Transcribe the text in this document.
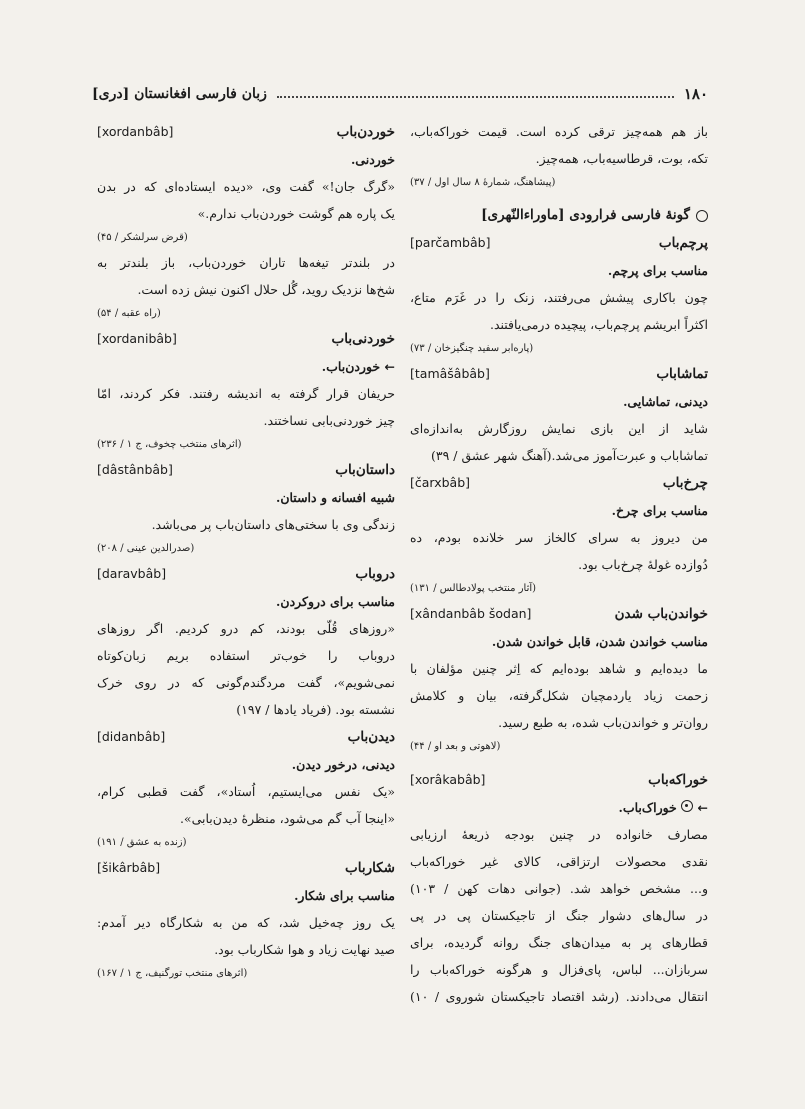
۱۸۰
زبان فارسی افغانستان [دری]
باز هم همه‌چیز ترقی کرده است. قیمت خوراکه‌باب،
تکه، بوت، قرطاسیه‌باب، همه‌چیز.
(پیشاهنگ، شمارهٔ ۸ سال اول / ۳۷)
گونهٔ فارسی فرارودی [ماوراءالنّهری]
پرچم‌باب
[parčambâb]
مناسب برای پرچم.
چون باکاری پیشش می‌رفتند، زنک را در غَرَم متاع،
اکثراً ابریشم پرچم‌باب، پیچیده درمی‌یافتند.
(پاره‌ابر سفید چنگیزخان / ۷۳)
تماشاباب
[tamâšâbâb]
دیدنی، تماشایی.
شاید از این بازی نمایش روزگارش به‌اندازه‌ای
تماشاباب و عبرت‌آموز می‌شد.(آهنگ شهر عشق / ۳۹)
چرخ‌باب
[čarxbâb]
مناسب برای چرخ.
من دیروز به سرای کالخاز سر خلانده بودم، ده
دُوازده غولهٔ چرخ‌باب بود.
(آثار منتخب پولادطالس / ۱۳۱)
خواندن‌باب شدن
[xândanbâb šodan]
مناسب خواندن شدن، قابل خواندن شدن.
ما دیده‌ایم و شاهد بوده‌ایم که اِثر چنین مؤلفان با
زحمت زیاد یاردمچیان شکل‌گرفته، بیان و کلامش
روان‌تر و خواندن‌باب شده، به طبع رسید.
(لاهوتی و بعد او / ۴۴)
خوراکه‌باب
[xorâkabâb]
←  خوراک‌باب.
مصارف خانواده در چنین بودجه ذریعهٔ ارزیابی
نقدی محصولات ارتزاقی، کالای غیر خوراکه‌باب
و... مشخص خواهد شد. (جوانی دهات کهن / ۱۰۳)
در سال‌های دشوار جنگ از تاجیکستان پی در پی
قطارهای پر به میدان‌های جنگ روانه گردیده، برای
سربازان... لباس، پای‌فزال و هرگونه خوراکه‌باب را
انتقال می‌دادند. (رشد اقتصاد تاجیکستان شوروی / ۱۰)
خوردن‌باب
[xordanbâb]
خوردنی.
«گرگ جان!» گفت وی، «دیده ایستاده‌ای که در بدن
یک پاره هم گوشت خوردن‌باب ندارم.»
(قرض سرلشکر / ۴۵)
در بلندتر تیغه‌ها تاران خوردن‌باب، باز بلندتر به
شخ‌ها نزدیک روید، گُل حلال اکنون نیش زده است.
(راه عقبه / ۵۴)
خوردنی‌باب
[xordanibâb]
← خوردن‌باب.
حریفان قرار گرفته به اندیشه رفتند. فکر کردند، امّا
چیز خوردنی‌بابی نساختند.
(اثرهای منتخب چخوف، ج ۱ / ۲۳۶)
داستان‌باب
[dâstânbâb]
شبیه افسانه و داستان.
زندگی وی با سختی‌های داستان‌باب پر می‌باشد.
(صدرالدین عینی / ۲۰۸)
درو‌باب
[daravbâb]
مناسب برای درو‌کردن.
«روزهای قُلّی بودند، کم درو کردیم. اگر روزهای
درو‌باب را خوب‌تر استفاده بریم زبان‌کوتاه
نمی‌شویم»، گفت مردگندم‌گونی که در روی خرک
نشسته بود. (فریاد یادها / ۱۹۷)
دیدن‌باب
[didanbâb]
دیدنی، درخور دیدن.
«یک نفس می‌ایستیم، اُستاد»، گفت قطبی کرام،
«اینجا آب گم می‌شود، منظرهٔ دیدن‌بابی».
(زنده به عشق / ۱۹۱)
شکارباب
[šikârbâb]
مناسب برای شکار.
یک روز چه‌خیل شد، که من به شکارگاه دیر آمدم:
صید نهایت زیاد و هوا شکارباب بود.
(اثرهای منتخب تورگنیف، ج ۱ / ۱۶۷)
